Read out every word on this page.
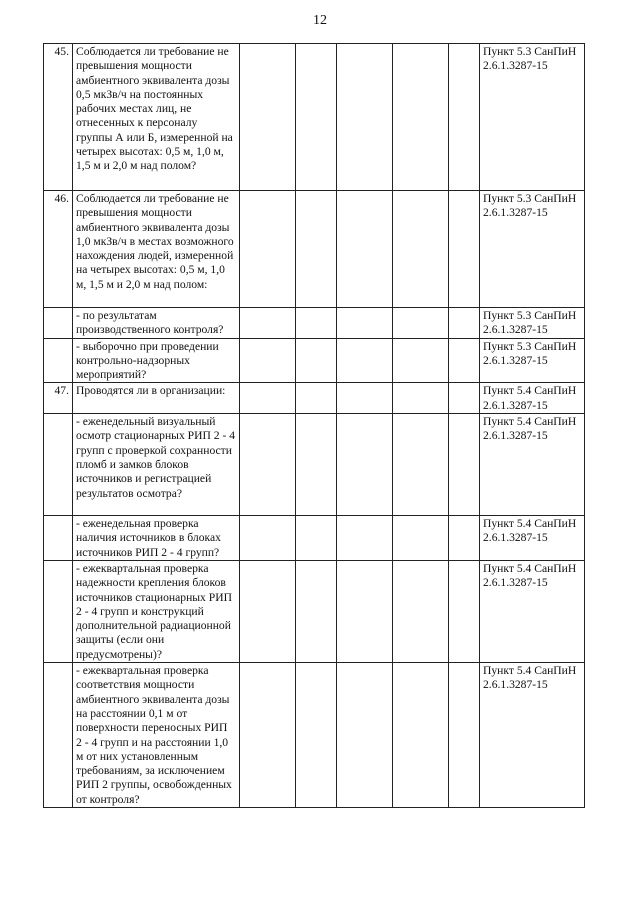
12
45.	Соблюдается ли требование не превышения мощности амбиентного эквивалента дозы 0,5 мкЗв/ч на постоянных рабочих местах лиц, не отнесенных к персоналу группы А или Б, измеренной на четырех высотах: 0,5 м, 1,0 м, 1,5 м и 2,0 м над полом?						Пункт 5.3 СанПиН 2.6.1.3287-15
46.	Соблюдается ли требование не превышения мощности амбиентного эквивалента дозы 1,0 мкЗв/ч в местах возможного нахождения людей, измеренной на четырех высотах: 0,5 м, 1,0 м, 1,5 м и 2,0 м над полом:						Пункт 5.3 СанПиН 2.6.1.3287-15
	- по результатам производственного контроля?						Пункт 5.3 СанПиН 2.6.1.3287-15
	- выборочно при проведении контрольно-надзорных мероприятий?						Пункт 5.3 СанПиН 2.6.1.3287-15
47.	Проводятся ли в организации:						Пункт 5.4 СанПиН 2.6.1.3287-15
	- еженедельный визуальный осмотр стационарных РИП 2 - 4 групп с проверкой сохранности пломб и замков блоков источников и регистрацией результатов осмотра?						Пункт 5.4 СанПиН 2.6.1.3287-15
	- еженедельная проверка наличия источников в блоках источников РИП 2 - 4 групп?						Пункт 5.4 СанПиН 2.6.1.3287-15
	- ежеквартальная проверка надежности крепления блоков источников стационарных РИП 2 - 4 групп и конструкций дополнительной радиационной защиты (если они предусмотрены)?						Пункт 5.4 СанПиН 2.6.1.3287-15
	- ежеквартальная проверка соответствия мощности амбиентного эквивалента дозы на расстоянии 0,1 м от поверхности переносных РИП 2 - 4 групп и на расстоянии 1,0 м от них установленным требованиям, за исключением РИП 2 группы, освобожденных от контроля?						Пункт 5.4 СанПиН 2.6.1.3287-15
